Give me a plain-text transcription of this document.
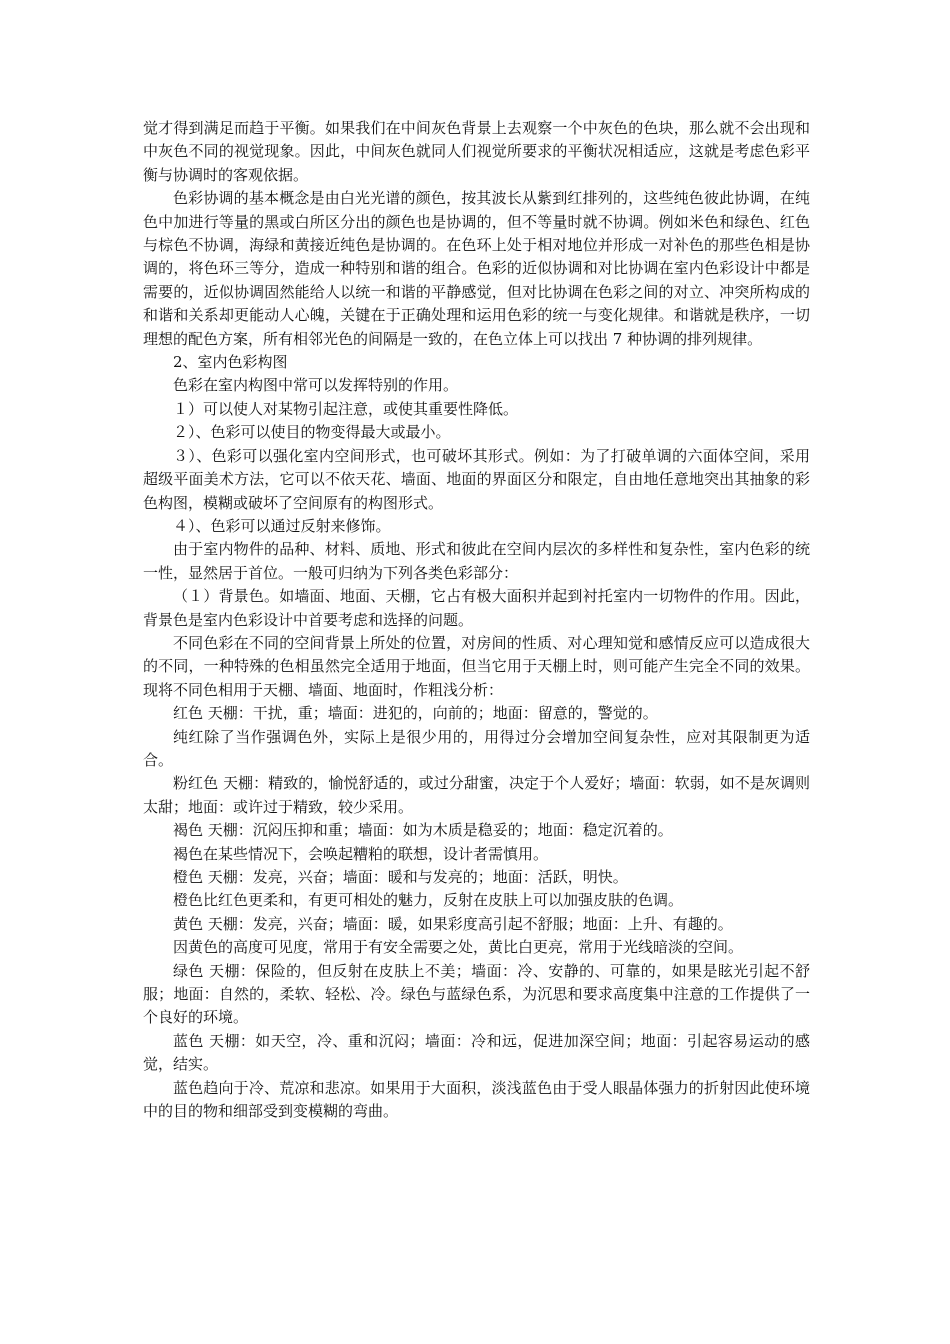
觉才得到满足而趋于平衡。如果我们在中间灰色背景上去观察一个中灰色的色块，那么就不会出现和中灰色不同的视觉现象。因此，中间灰色就同人们视觉所要求的平衡状况相适应，这就是考虑色彩平衡与协调时的客观依据。

色彩协调的基本概念是由白光光谱的颜色，按其波长从紫到红排列的，这些纯色彼此协调，在纯色中加进行等量的黑或白所区分出的颜色也是协调的，但不等量时就不协调。例如米色和绿色、红色与棕色不协调，海绿和黄接近纯色是协调的。在色环上处于相对地位并形成一对补色的那些色相是协调的，将色环三等分，造成一种特别和谐的组合。色彩的近似协调和对比协调在室内色彩设计中都是需要的，近似协调固然能给人以统一和谐的平静感觉，但对比协调在色彩之间的对立、冲突所构成的和谐和关系却更能动人心魄，关键在于正确处理和运用色彩的统一与变化规律。和谐就是秩序，一切理想的配色方案，所有相邻光色的间隔是一致的，在色立体上可以找出 7 种协调的排列规律。

2、室内色彩构图

色彩在室内构图中常可以发挥特别的作用。

１）可以使人对某物引起注意，或使其重要性降低。

２）、色彩可以使目的物变得最大或最小。

３）、色彩可以强化室内空间形式，也可破坏其形式。例如：为了打破单调的六面体空间，采用超级平面美术方法，它可以不依天花、墙面、地面的界面区分和限定，自由地任意地突出其抽象的彩色构图，模糊或破坏了空间原有的构图形式。

４）、色彩可以通过反射来修饰。

由于室内物件的品种、材料、质地、形式和彼此在空间内层次的多样性和复杂性，室内色彩的统一性，显然居于首位。一般可归纳为下列各类色彩部分：

（１）背景色。如墙面、地面、天棚，它占有极大面积并起到衬托室内一切物件的作用。因此，背景色是室内色彩设计中首要考虑和选择的问题。

不同色彩在不同的空间背景上所处的位置，对房间的性质、对心理知觉和感情反应可以造成很大的不同，一种特殊的色相虽然完全适用于地面，但当它用于天棚上时，则可能产生完全不同的效果。现将不同色相用于天棚、墙面、地面时，作粗浅分析：

红色 天棚：干扰，重；墙面：进犯的，向前的；地面：留意的，警觉的。

纯红除了当作强调色外，实际上是很少用的，用得过分会增加空间复杂性，应对其限制更为适合。

粉红色 天棚：精致的，愉悦舒适的，或过分甜蜜，决定于个人爱好；墙面：软弱，如不是灰调则太甜；地面：或许过于精致，较少采用。

褐色 天棚：沉闷压抑和重；墙面：如为木质是稳妥的；地面：稳定沉着的。

褐色在某些情况下，会唤起糟粕的联想，设计者需慎用。

橙色 天棚：发亮，兴奋；墙面：暖和与发亮的；地面：活跃，明快。

橙色比红色更柔和，有更可相处的魅力，反射在皮肤上可以加强皮肤的色调。

黄色 天棚：发亮，兴奋；墙面：暖，如果彩度高引起不舒服；地面：上升、有趣的。

因黄色的高度可见度，常用于有安全需要之处，黄比白更亮，常用于光线暗淡的空间。

绿色 天棚：保险的，但反射在皮肤上不美；墙面：冷、安静的、可靠的，如果是眩光引起不舒服；地面：自然的，柔软、轻松、冷。绿色与蓝绿色系，为沉思和要求高度集中注意的工作提供了一个良好的环境。

蓝色 天棚：如天空，冷、重和沉闷；墙面：冷和远，促进加深空间；地面：引起容易运动的感觉，结实。

蓝色趋向于冷、荒凉和悲凉。如果用于大面积，淡浅蓝色由于受人眼晶体强力的折射因此使环境中的目的物和细部受到变模糊的弯曲。
